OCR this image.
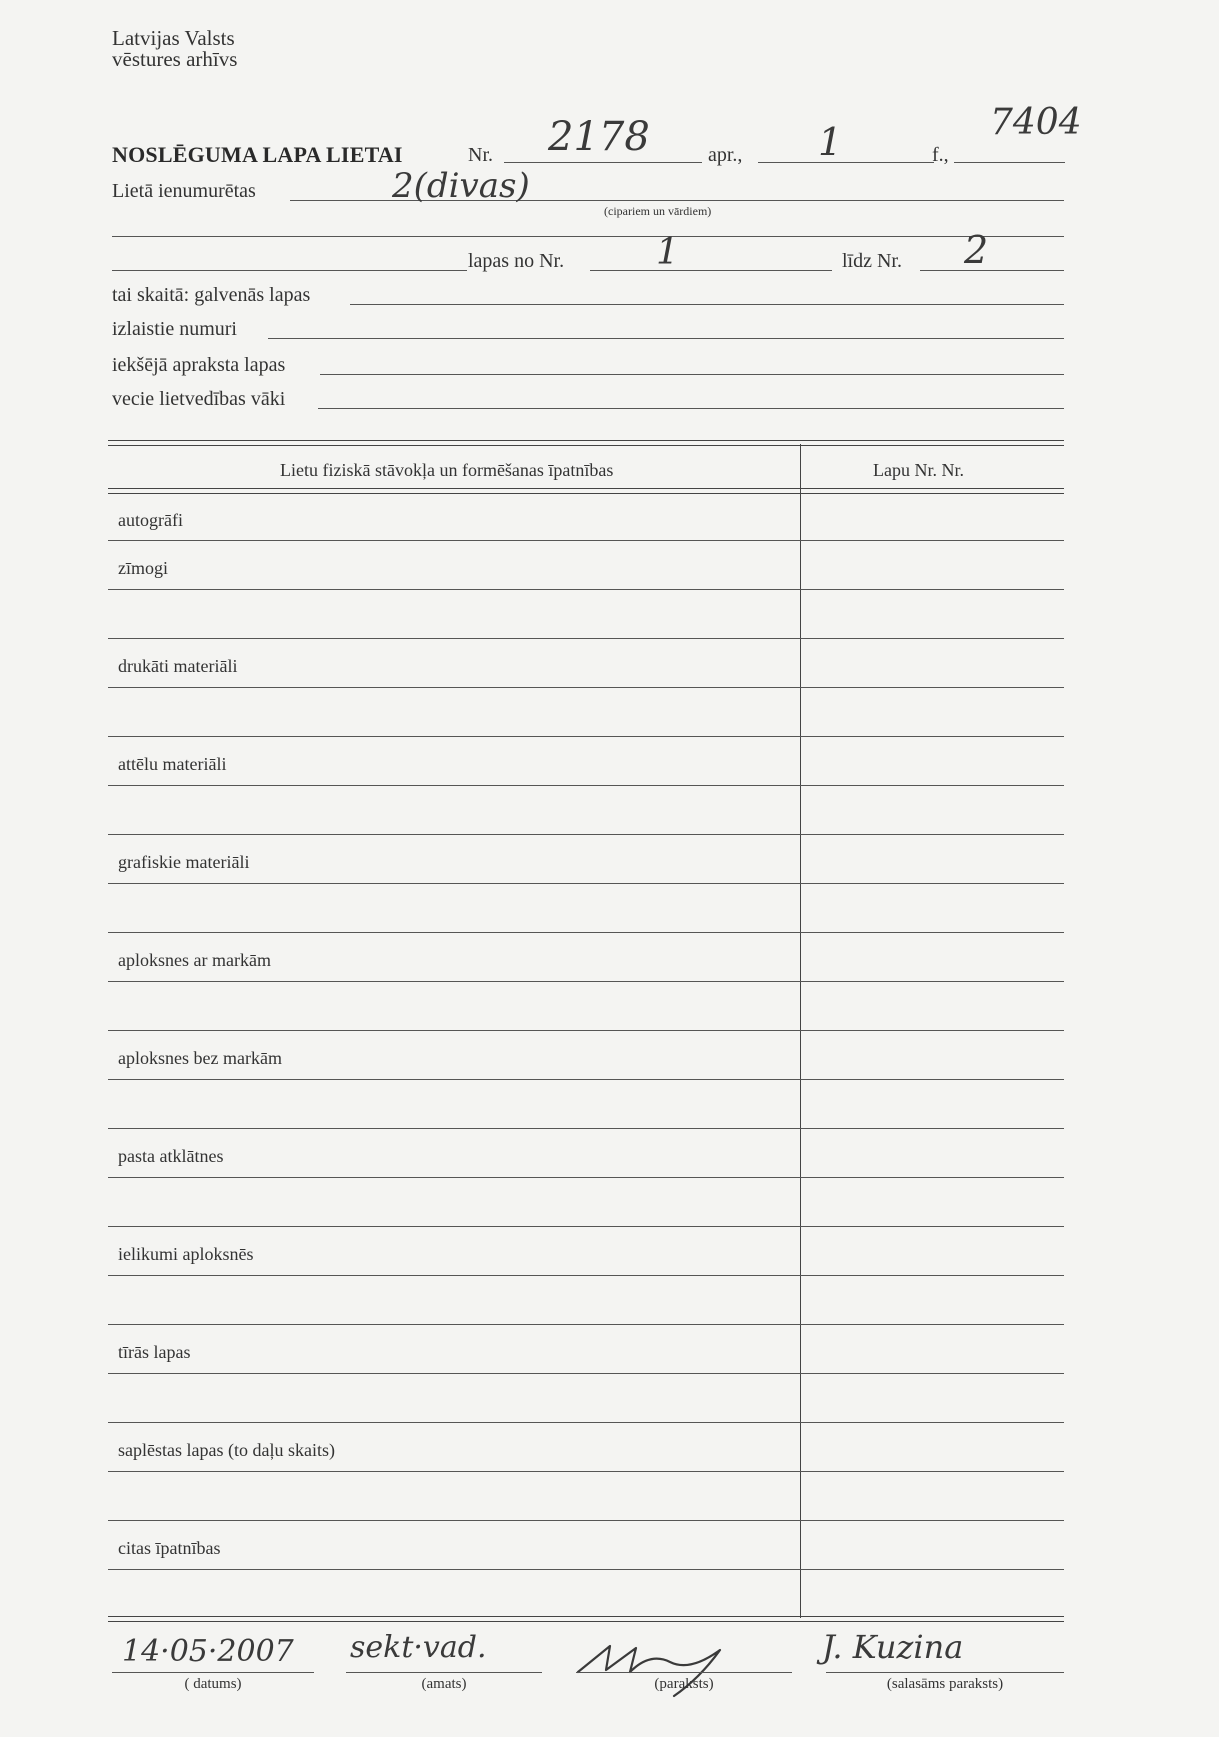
Latvijas Valsts
vēstures arhīvs
NOSLĒGUMA LAPA LIETAI	Nr. 2178	apr., 1	f.,
7404
Lietā ienumurētas	2(divas)
(cipariem un vārdiem)
lapas no Nr.	1	līdz Nr. 2
tai skaitā: galvenās lapas
izlaistie numuri
iekšējā apraksta lapas
vecie lietvedības vāki
Lietu fiziskā stāvokļa un formēšanas īpatnības	Lapu Nr. Nr.
autogrāfi
zīmogi
drukāti materiāli
attēlu materiāli
grafiskie materiāli
aploksnes ar markām
aploksnes bez markām
pasta atklātnes
ielikumi aploksnēs
tīrās lapas
saplēstas lapas (to daļu skaits)
citas īpatnības
14·05·2007
( datums)
sekt·vad.
(amats)	(paraksts)
J. Kuzina
(salasāms paraksts)
